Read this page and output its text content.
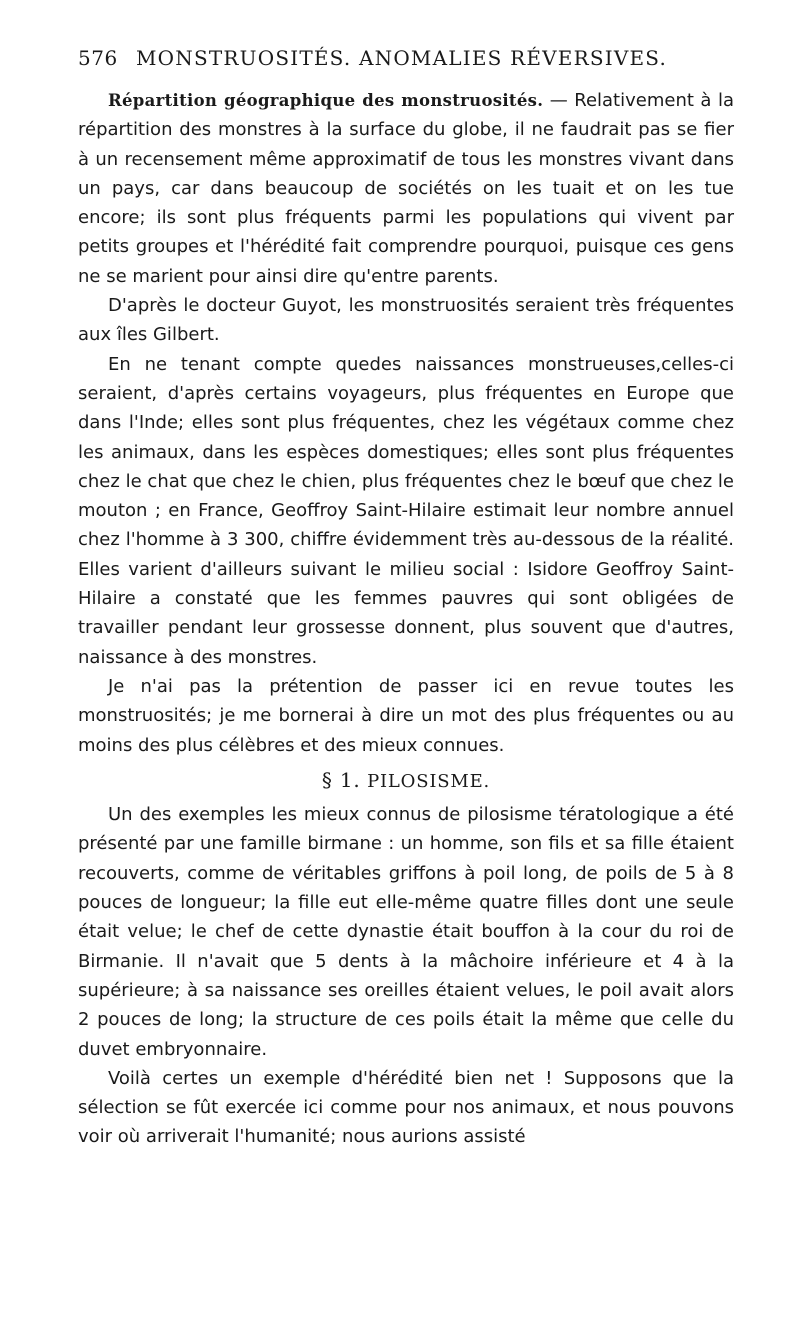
576 MONSTRUOSITÉS. ANOMALIES RÉVERSIVES.

Répartition géographique des monstruosités. — Relativement à la répartition des monstres à la surface du globe, il ne faudrait pas se fier à un recensement même approximatif de tous les monstres vivant dans un pays, car dans beaucoup de sociétés on les tuait et on les tue encore; ils sont plus fréquents parmi les populations qui vivent par petits groupes et l'hérédité fait comprendre pourquoi, puisque ces gens ne se marient pour ainsi dire qu'entre parents.

D'après le docteur Guyot, les monstruosités seraient très fréquentes aux îles Gilbert.

En ne tenant compte quedes naissances monstrueuses,celles-ci seraient, d'après certains voyageurs, plus fréquentes en Europe que dans l'Inde; elles sont plus fréquentes, chez les végétaux comme chez les animaux, dans les espèces domestiques; elles sont plus fréquentes chez le chat que chez le chien, plus fréquentes chez le bœuf que chez le mouton ; en France, Geoffroy Saint-Hilaire estimait leur nombre annuel chez l'homme à 3 300, chiffre évidemment très au-dessous de la réalité. Elles varient d'ailleurs suivant le milieu social : Isidore Geoffroy Saint-Hilaire a constaté que les femmes pauvres qui sont obligées de travailler pendant leur grossesse donnent, plus souvent que d'autres, naissance à des monstres.

Je n'ai pas la prétention de passer ici en revue toutes les monstruosités; je me bornerai à dire un mot des plus fréquentes ou au moins des plus célèbres et des mieux connues.

§ 1. PILOSISME.

Un des exemples les mieux connus de pilosisme tératologique a été présenté par une famille birmane : un homme, son fils et sa fille étaient recouverts, comme de véritables griffons à poil long, de poils de 5 à 8 pouces de longueur; la fille eut elle-même quatre filles dont une seule était velue; le chef de cette dynastie était bouffon à la cour du roi de Birmanie. Il n'avait que 5 dents à la mâchoire inférieure et 4 à la supérieure; à sa naissance ses oreilles étaient velues, le poil avait alors 2 pouces de long; la structure de ces poils était la même que celle du duvet embryonnaire.

Voilà certes un exemple d'hérédité bien net ! Supposons que la sélection se fût exercée ici comme pour nos animaux, et nous pouvons voir où arriverait l'humanité; nous aurions assisté
